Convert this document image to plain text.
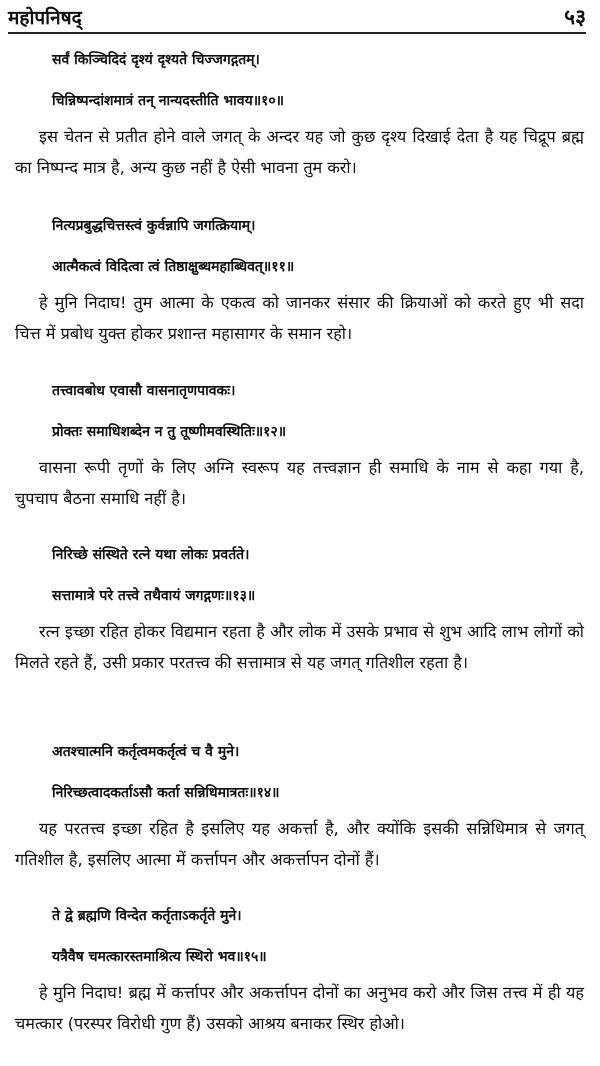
महोपनिषद्	५३

सर्वं किञ्चिदिदं दृश्यं दृश्यते चिज्जगद्गतम्।

चिन्निष्पन्दांशमात्रं तन् नान्यदस्तीति भावय॥१०॥

इस चेतन से प्रतीत होने वाले जगत् के अन्दर यह जो कुछ दृश्य दिखाई देता है यह चिद्रूप ब्रह्म का निष्पन्द मात्र है, अन्य कुछ नहीं है ऐसी भावना तुम करो।

नित्यप्रबुद्धचित्तस्त्वं कुर्वन्नापि जगत्क्रियाम्।

आत्मैकत्वं विदित्वा त्वं तिष्ठाक्षुब्धमहाब्धिवत्॥११॥

हे मुनि निदाघ! तुम आत्मा के एकत्व को जानकर संसार की क्रियाओं को करते हुए भी सदा चित्त में प्रबोध युक्त होकर प्रशान्त महासागर के समान रहो।

तत्त्वावबोध एवासौ वासनातृणपावकः।

प्रोक्तः समाधिशब्देन न तु तूष्णीमवस्थितिः॥१२॥

वासना रूपी तृणों के लिए अग्नि स्वरूप यह तत्त्वज्ञान ही समाधि के नाम से कहा गया है, चुपचाप बैठना समाधि नहीं है।

निरिच्छे संस्थिते रत्ने यथा लोकः प्रवर्तते।

सत्तामात्रे परे तत्त्वे तथैवायं जगद्गणः॥१३॥

रत्न इच्छा रहित होकर विद्यमान रहता है और लोक में उसके प्रभाव से शुभ आदि लाभ लोगों को मिलते रहते हैं, उसी प्रकार परतत्त्व की सत्तामात्र से यह जगत् गतिशील रहता है।

अतश्चात्मनि कर्तृत्वमकर्तृत्वं च वै मुने।

निरिच्छत्वादकर्ताऽसौ कर्ता सन्निधिमात्रतः॥१४॥

यह परतत्त्व इच्छा रहित है इसलिए यह अकर्त्ता है, और क्योंकि इसकी सन्निधिमात्र से जगत् गतिशील है, इसलिए आत्मा में कर्त्तापन और अकर्त्तापन दोनों हैं।

ते द्वे ब्रह्मणि विन्देत कर्तृताऽकर्तृते मुने।

यत्रैवैष चमत्कारस्तमाश्रित्य स्थिरो भव॥१५॥

हे मुनि निदाघ! ब्रह्म में कर्त्तापर और अकर्त्तापन दोनों का अनुभव करो और जिस तत्त्व में ही यह चमत्कार (परस्पर विरोधी गुण हैं) उसको आश्रय बनाकर स्थिर होओ।
